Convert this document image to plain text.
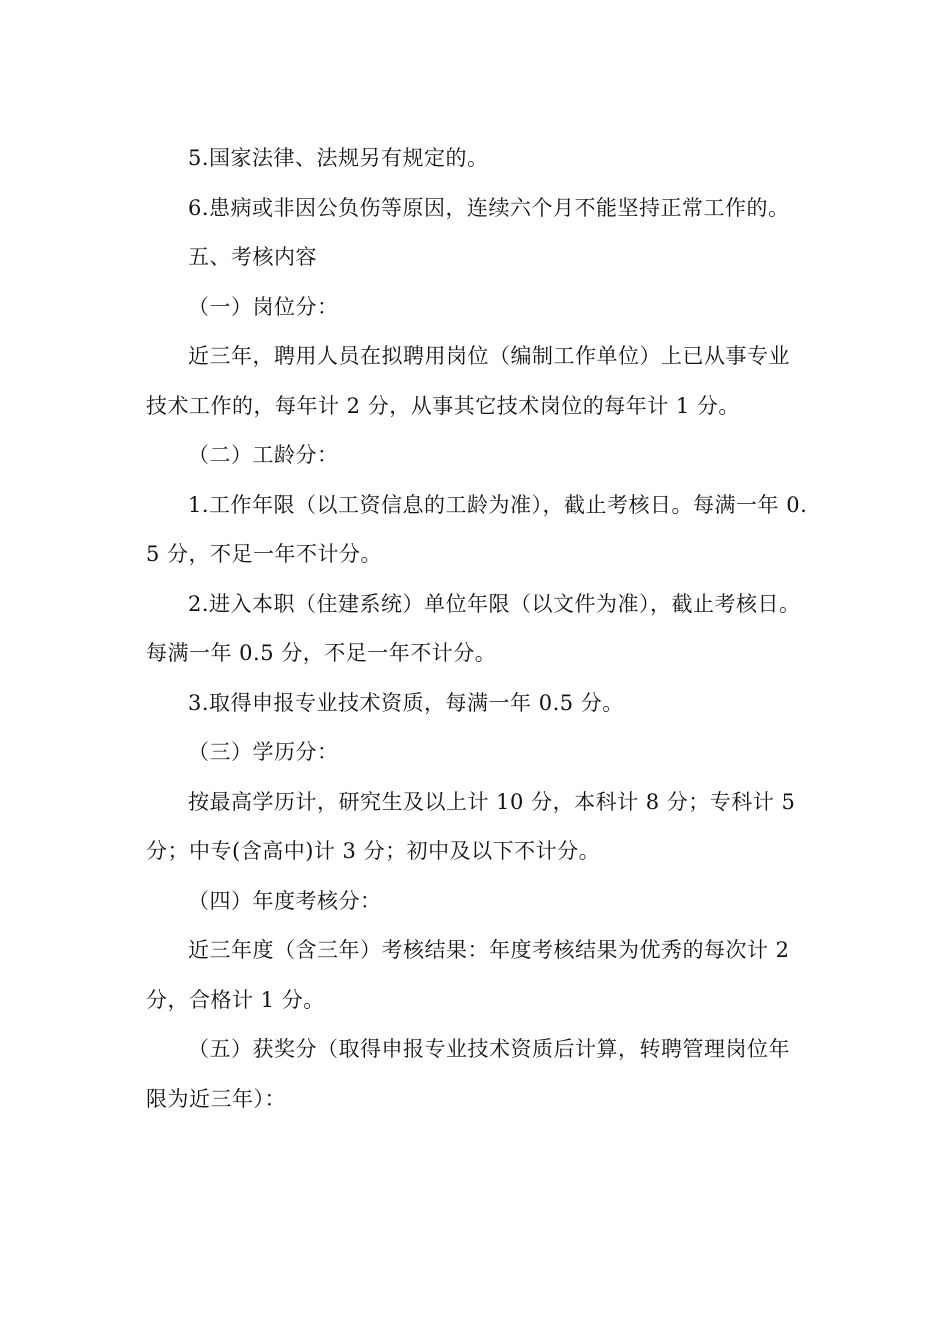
5.国家法律、法规另有规定的。

6.患病或非因公负伤等原因，连续六个月不能坚持正常工作的。

五、考核内容

（一）岗位分：

近三年，聘用人员在拟聘用岗位（编制工作单位）上已从事专业技术工作的，每年计 2 分，从事其它技术岗位的每年计 1 分。

（二）工龄分：

1.工作年限（以工资信息的工龄为准），截止考核日。每满一年 0.5 分，不足一年不计分。

2.进入本职（住建系统）单位年限（以文件为准），截止考核日。每满一年 0.5 分，不足一年不计分。

3.取得申报专业技术资质，每满一年 0.5 分。

（三）学历分：

按最高学历计，研究生及以上计 10 分，本科计 8 分；专科计 5 分；中专(含高中)计 3 分；初中及以下不计分。

（四）年度考核分：

近三年度（含三年）考核结果：年度考核结果为优秀的每次计 2 分，合格计 1 分。

（五）获奖分（取得申报专业技术资质后计算，转聘管理岗位年限为近三年）：
